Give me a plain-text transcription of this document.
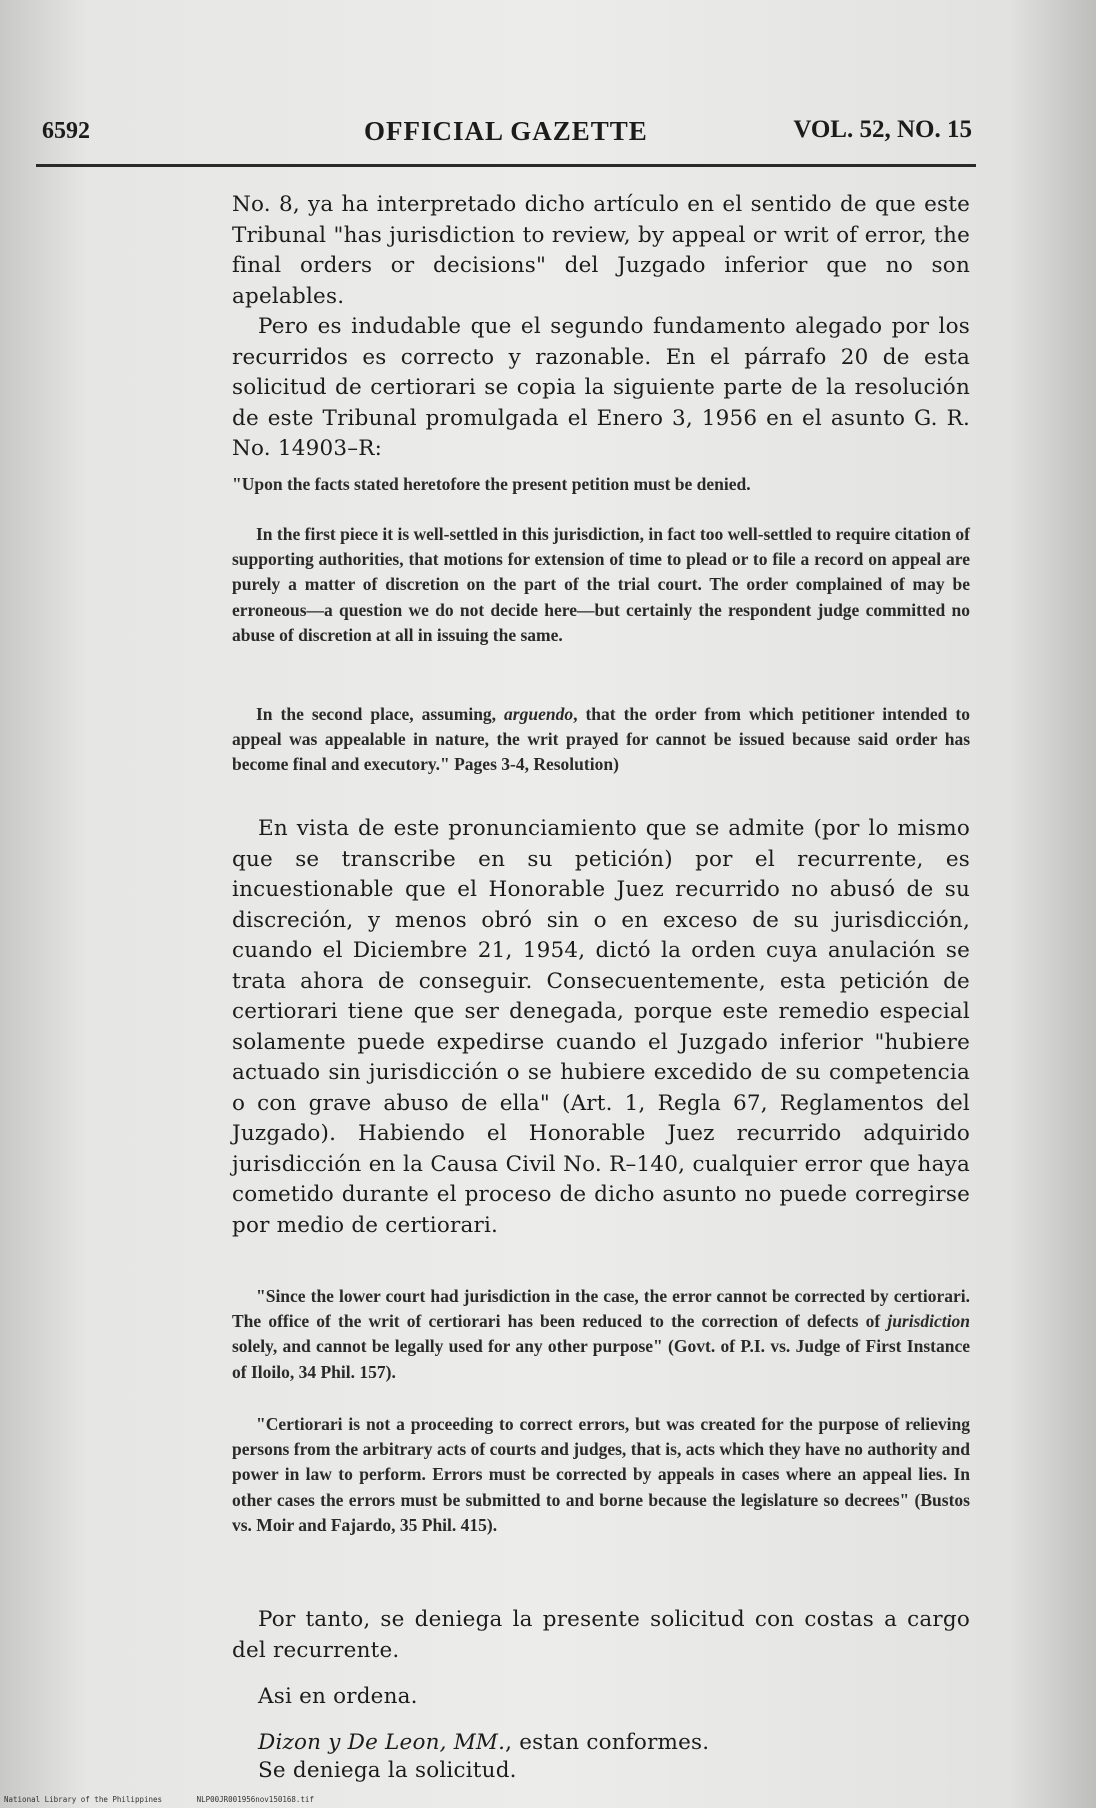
6592	OFFICIAL GAZETTE	VOL. 52, NO. 15

No. 8, ya ha interpretado dicho artículo en el sentido de que este Tribunal "has jurisdiction to review, by appeal or writ of error, the final orders or decisions" del Juzgado inferior que no son apelables.

Pero es indudable que el segundo fundamento alegado por los recurridos es correcto y razonable. En el párrafo 20 de esta solicitud de certiorari se copia la siguiente parte de la resolución de este Tribunal promulgada el Enero 3, 1956 en el asunto G. R. No. 14903–R:

"Upon the facts stated heretofore the present petition must be denied.

In the first piece it is well-settled in this jurisdiction, in fact too well-settled to require citation of supporting authorities, that motions for extension of time to plead or to file a record on appeal are purely a matter of discretion on the part of the trial court. The order complained of may be erroneous—a question we do not decide here—but certainly the respondent judge committed no abuse of discretion at all in issuing the same.

In the second place, assuming, arguendo, that the order from which petitioner intended to appeal was appealable in nature, the writ prayed for cannot be issued because said order has become final and executory." Pages 3-4, Resolution)

En vista de este pronunciamiento que se admite (por lo mismo que se transcribe en su petición) por el recurrente, es incuestionable que el Honorable Juez recurrido no abusó de su discreción, y menos obró sin o en exceso de su jurisdicción, cuando el Diciembre 21, 1954, dictó la orden cuya anulación se trata ahora de conseguir. Consecuentemente, esta petición de certiorari tiene que ser denegada, porque este remedio especial solamente puede expedirse cuando el Juzgado inferior "hubiere actuado sin jurisdicción o se hubiere excedido de su competencia o con grave abuso de ella" (Art. 1, Regla 67, Reglamentos del Juzgado). Habiendo el Honorable Juez recurrido adquirido jurisdicción en la Causa Civil No. R–140, cualquier error que haya cometido durante el proceso de dicho asunto no puede corregirse por medio de certiorari.

"Since the lower court had jurisdiction in the case, the error cannot be corrected by certiorari. The office of the writ of certiorari has been reduced to the correction of defects of jurisdiction solely, and cannot be legally used for any other purpose" (Govt. of P.I. vs. Judge of First Instance of Iloilo, 34 Phil. 157).

"Certiorari is not a proceeding to correct errors, but was created for the purpose of relieving persons from the arbitrary acts of courts and judges, that is, acts which they have no authority and power in law to perform. Errors must be corrected by appeals in cases where an appeal lies. In other cases the errors must be submitted to and borne because the legislature so decrees" (Bustos vs. Moir and Fajardo, 35 Phil. 415).

Por tanto, se deniega la presente solicitud con costas a cargo del recurrente.

Asi en ordena.

Dizon y De Leon, MM., estan conformes.

Se deniega la solicitud.

National Library of the Philippines	NLP00JR001956nov150168.tif
